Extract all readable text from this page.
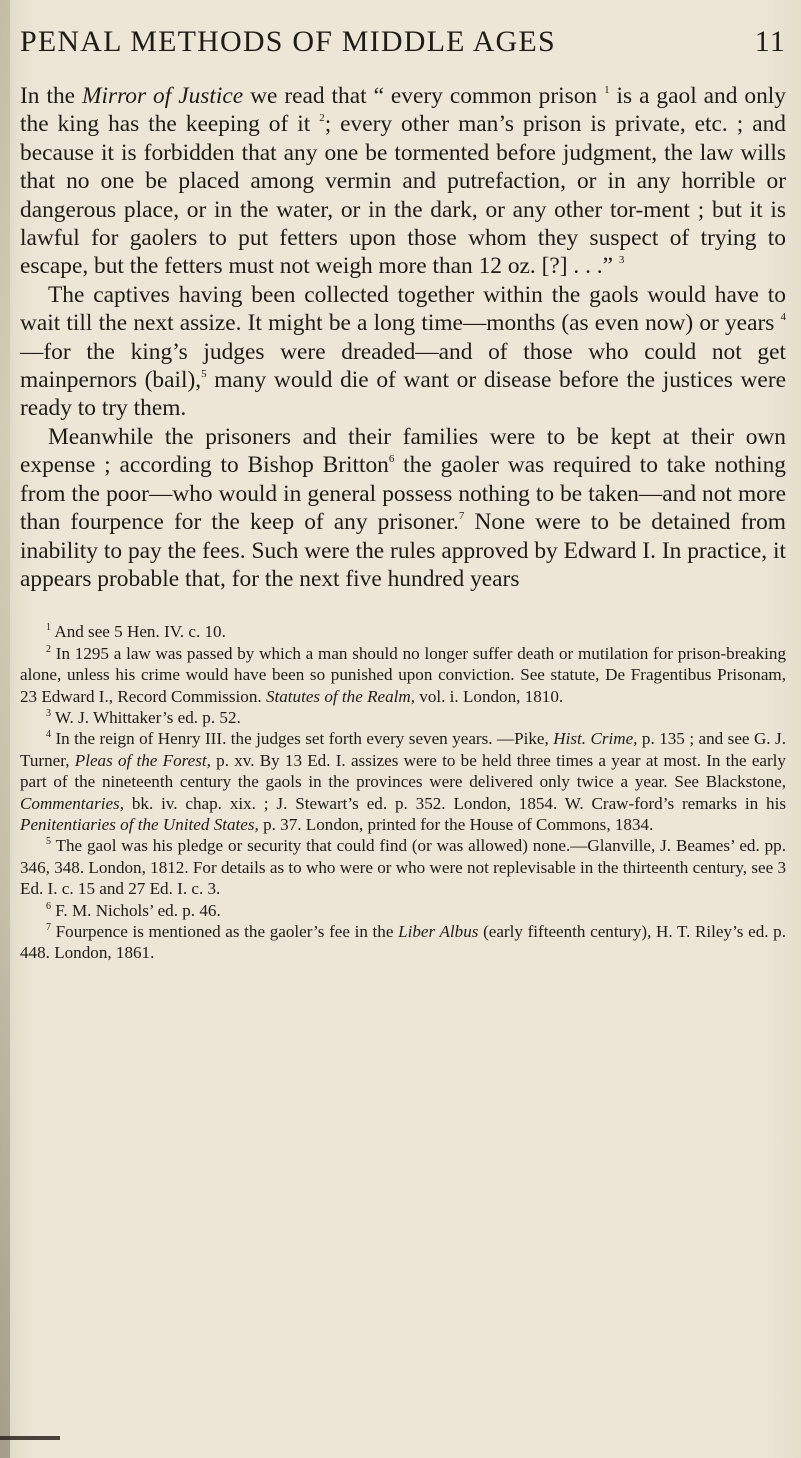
PENAL METHODS OF MIDDLE AGES	11

In the Mirror of Justice we read that “ every common prison $^1$ is a gaol and only the king has the keeping of it $^2$; every other man’s prison is private, etc. ; and because it is forbidden that any one be tormented before judgment, the law wills that no one be placed among vermin and putrefaction, or in any horrible or dangerous place, or in the water, or in the dark, or any other tor-ment ; but it is lawful for gaolers to put fetters upon those whom they suspect of trying to escape, but the fetters must not weigh more than 12 oz. [?] . . .” $^3$

The captives having been collected together within the gaols would have to wait till the next assize. It might be a long time—months (as even now) or years $^4$—for the king’s judges were dreaded—and of those who could not get mainpernors (bail),$^5$ many would die of want or disease before the justices were ready to try them.

Meanwhile the prisoners and their families were to be kept at their own expense ; according to Bishop Britton$^6$ the gaoler was required to take nothing from the poor—who would in general possess nothing to be taken—and not more than fourpence for the keep of any prisoner.$^7$ None were to be detained from inability to pay the fees. Such were the rules approved by Edward I. In practice, it appears probable that, for the next five hundred years

$^1$ And see 5 Hen. IV. c. 10.

$^2$ In 1295 a law was passed by which a man should no longer suffer death or mutilation for prison-breaking alone, unless his crime would have been so punished upon conviction. See statute, De Fragentibus Prisonam, 23 Edward I., Record Commission. Statutes of the Realm, vol. i. London, 1810.

$^3$ W. J. Whittaker’s ed. p. 52.

$^4$ In the reign of Henry III. the judges set forth every seven years. —Pike, Hist. Crime, p. 135 ; and see G. J. Turner, Pleas of the Forest, p. xv. By 13 Ed. I. assizes were to be held three times a year at most. In the early part of the nineteenth century the gaols in the provinces were delivered only twice a year. See Blackstone, Commentaries, bk. iv. chap. xix. ; J. Stewart’s ed. p. 352. London, 1854. W. Craw-ford’s remarks in his Penitentiaries of the United States, p. 37. London, printed for the House of Commons, 1834.

$^5$ The gaol was his pledge or security that could find (or was allowed) none.—Glanville, J. Beames’ ed. pp. 346, 348. London, 1812. For details as to who were or who were not replevisable in the thirteenth century, see 3 Ed. I. c. 15 and 27 Ed. I. c. 3.

$^6$ F. M. Nichols’ ed. p. 46.

$^7$ Fourpence is mentioned as the gaoler’s fee in the Liber Albus (early fifteenth century), H. T. Riley’s ed. p. 448. London, 1861.
